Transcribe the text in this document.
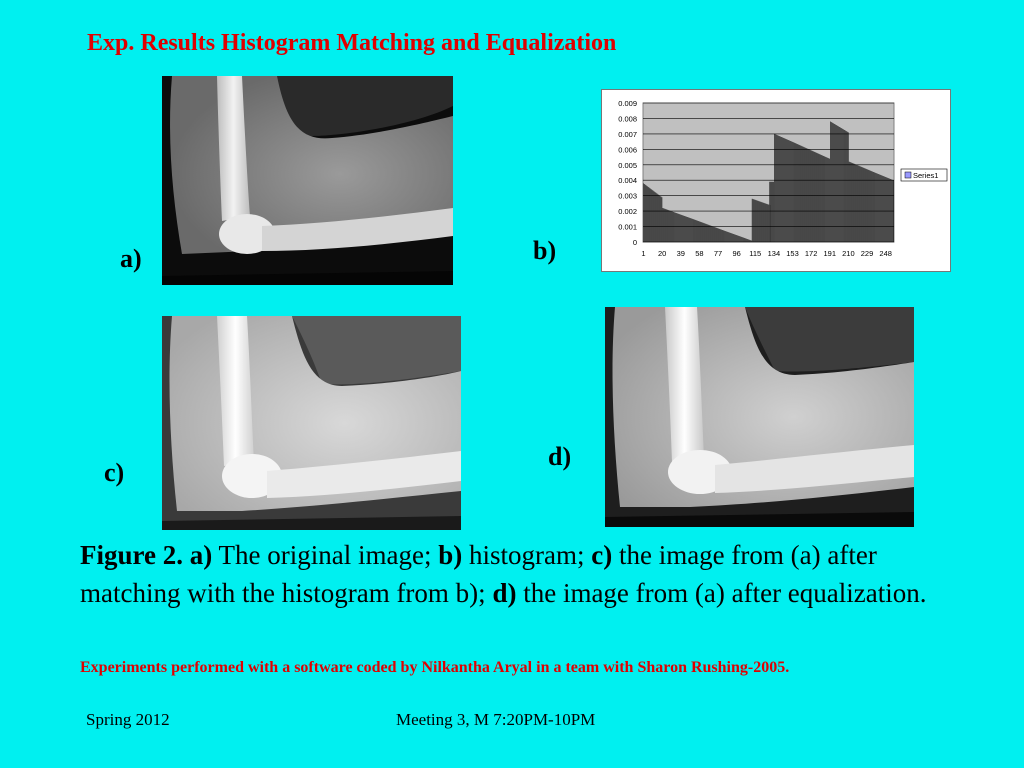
Exp. Results Histogram Matching and Equalization
a)	b)
0.009
0.008
0.007
0.006
0.005
0.004
0.003
0.002
0.001
0
1 20 39 58 77 96 115 134 153 172 191 210 229 248
Series1
c)
d)
Figure 2. a) The original image; b) histogram; c) the image from (a) after matching with the histogram from b); d) the image from (a) after equalization.
Experiments performed with a software coded by Nilkantha Aryal in a team with Sharon Rushing-2005.
Spring 2012	Meeting 3, M 7:20PM-10PM
